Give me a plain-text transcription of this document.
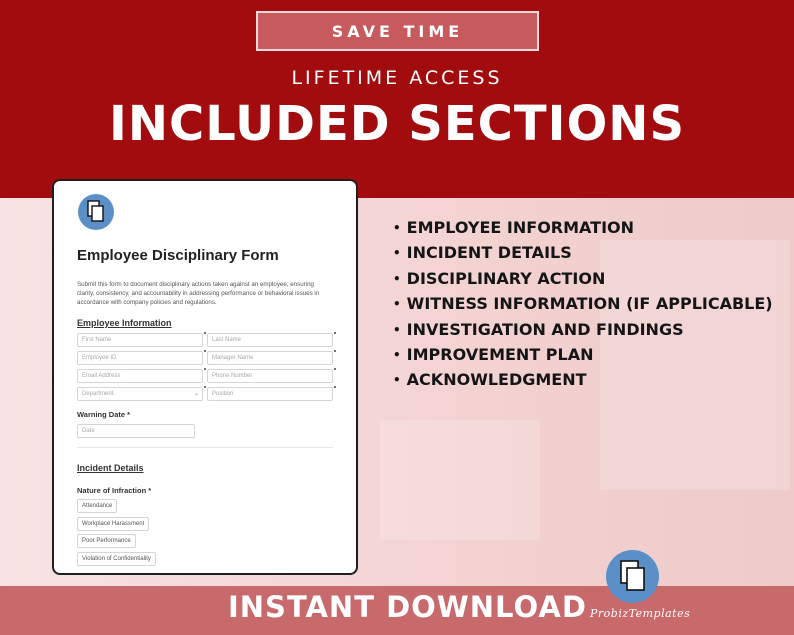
SAVE TIME
LIFETIME ACCESS
INCLUDED SECTIONS
Employee Disciplinary Form
Submit this form to document disciplinary actions taken against an employee, ensuring clarity, consistency, and accountability in addressing performance or behavioral issues in accordance with company policies and regulations.
Employee Information
First Name	Last Name
Employee ID	Manager Name
Email Address	Phone Number
Department	⌄	Position
Warning Date *
Date
Incident Details
Nature of Infraction *
Attendance
Workplace Harassment
Poor Performance
Violation of Confidentiality
• EMPLOYEE INFORMATION
• INCIDENT DETAILS
• DISCIPLINARY ACTION
• WITNESS INFORMATION (IF APPLICABLE)
• INVESTIGATION AND FINDINGS
• IMPROVEMENT PLAN
• ACKNOWLEDGMENT
INSTANT DOWNLOAD ProbizTemplates
